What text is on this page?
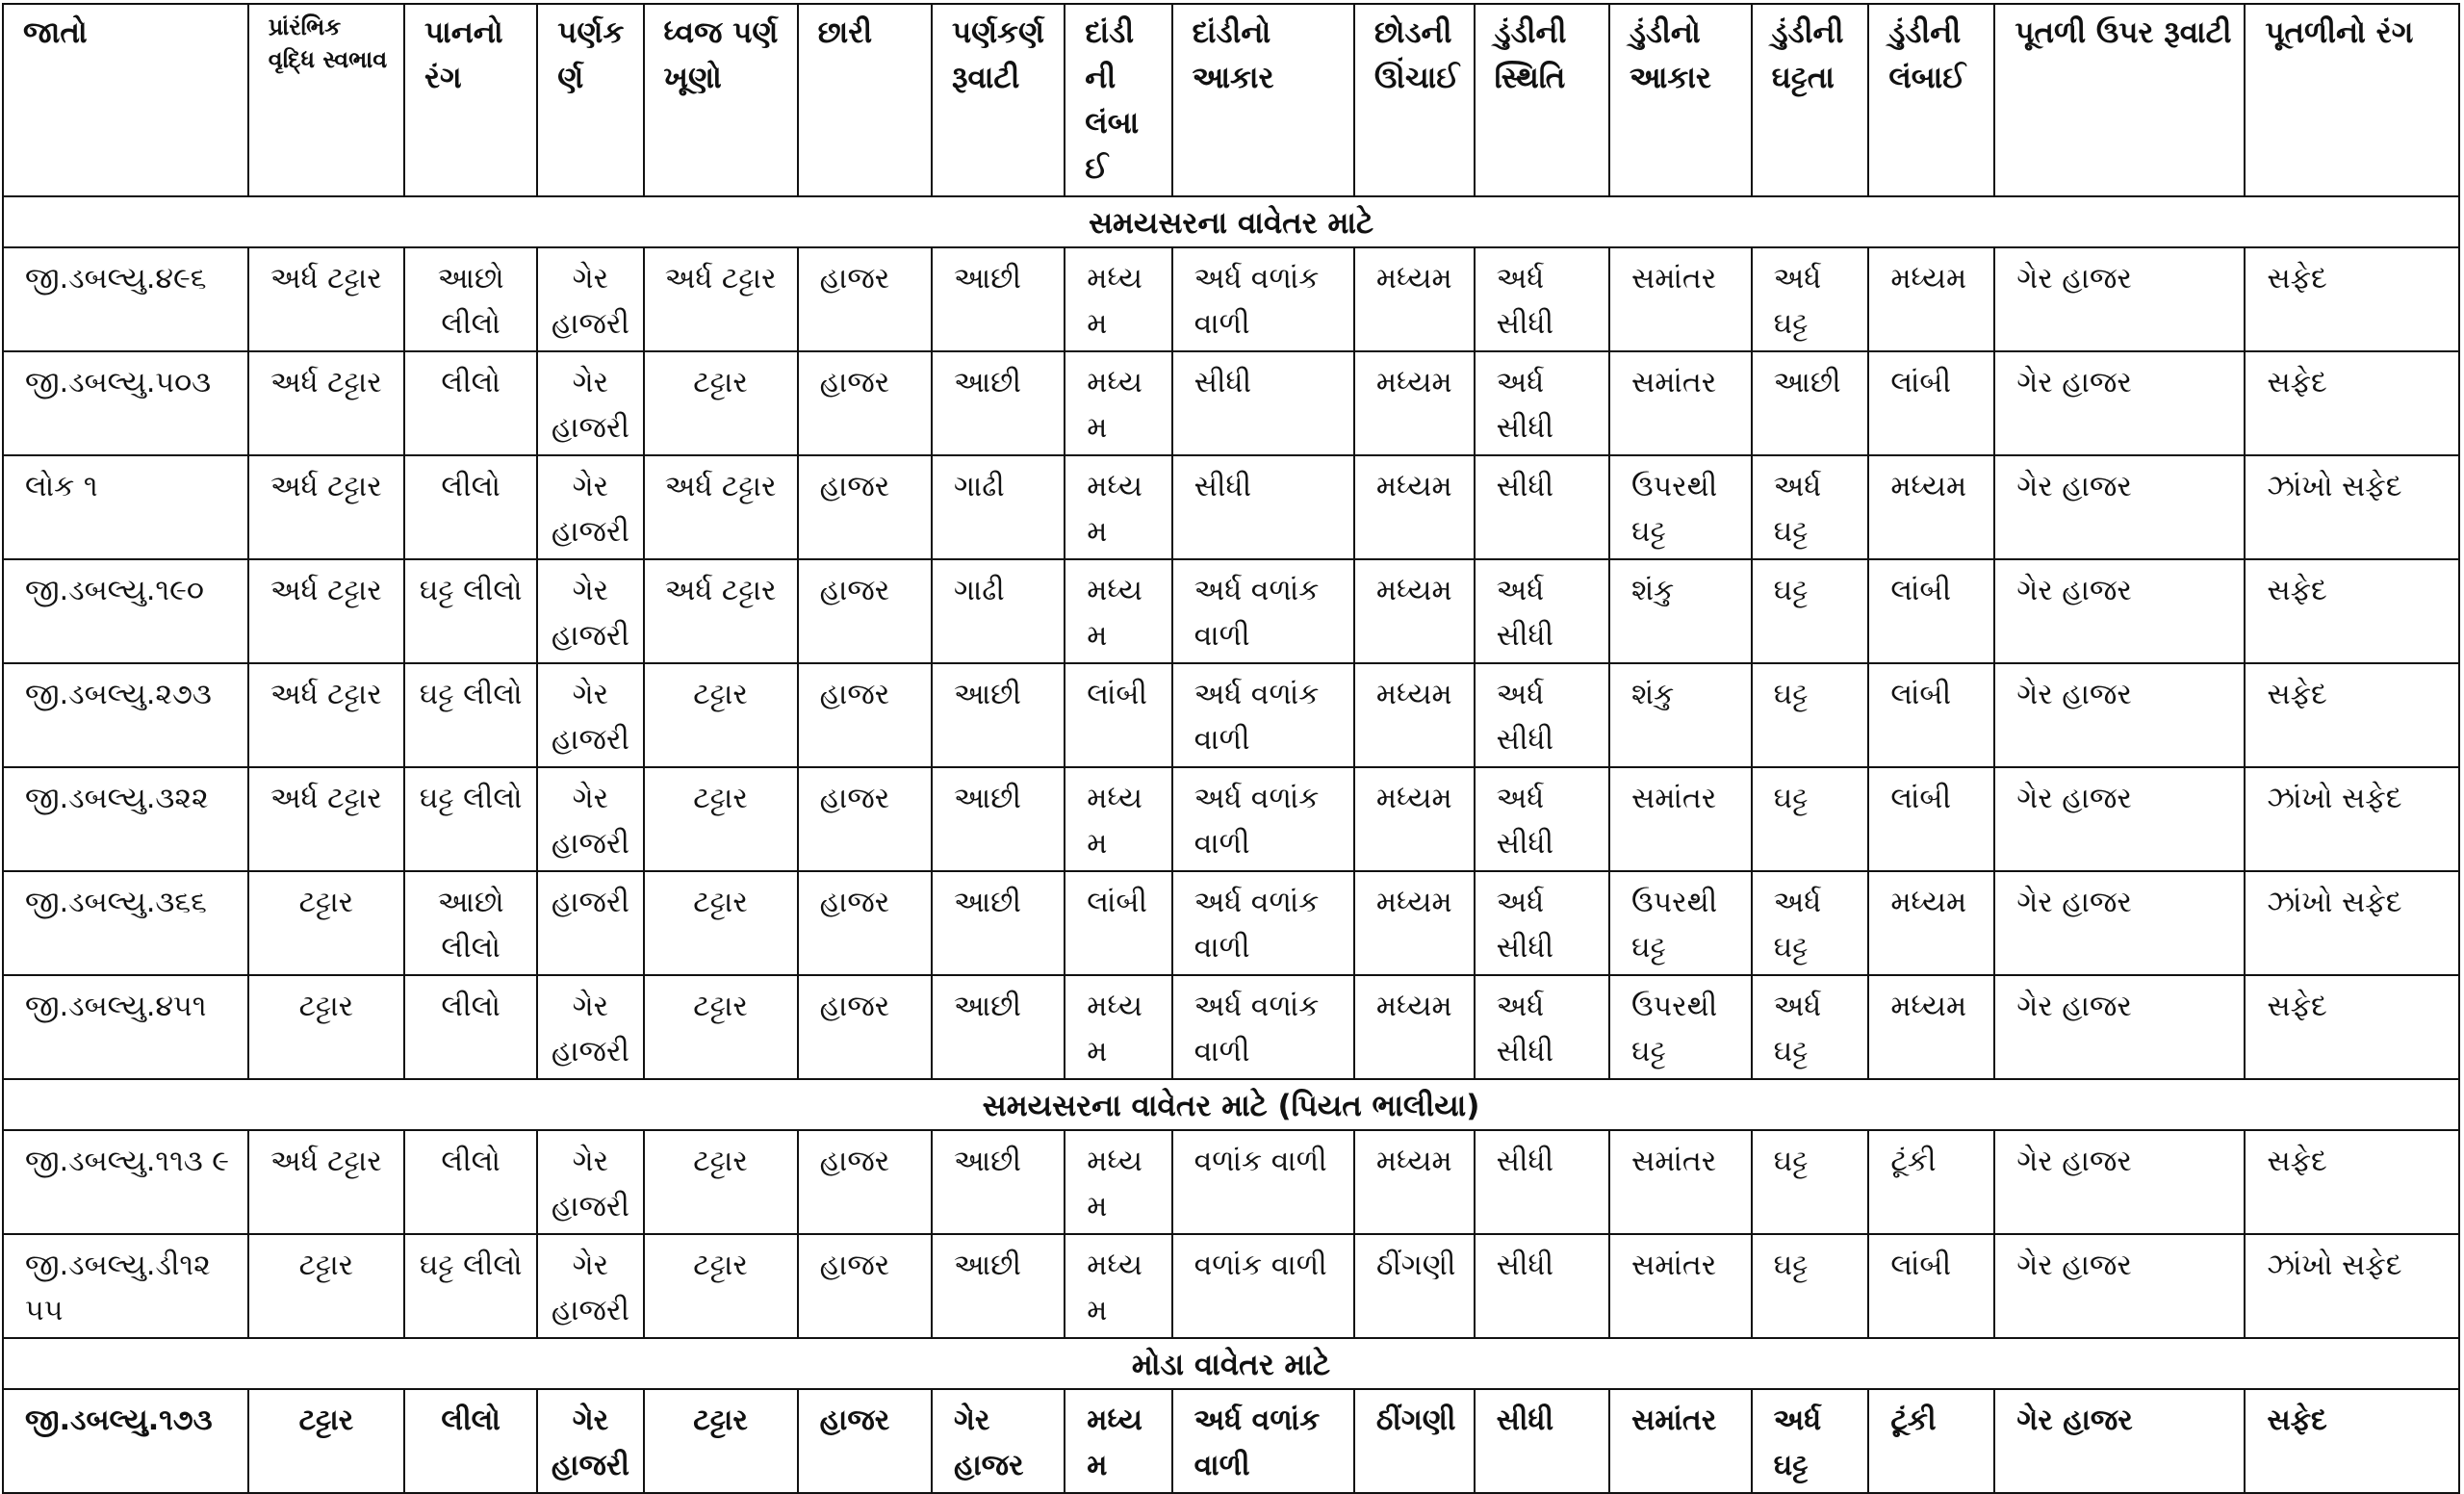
જાતો	પ્રાંરંભિક વૃદ્ધિ સ્વભાવ	પાનનો રંગ	પર્ણકર્ણ	ધ્વજ પર્ણ ખૂણો	છારી	પર્ણકર્ણ રૂવાટી	દાંડીની લંબાઈ	દાંડીનો આકાર	છોડની ઊંચાઈ	ડુંડીની સ્થિતિ	ડુંડીનો આકાર	ડુંડીની ઘટ્ટતા	ડુંડીની લંબાઈ	પૂતળી ઉપર રૂવાટી	પૂતળીનો રંગ
સમયસરના વાવેતર માટે															
જી.ડબલ્યુ.૪૯૬	અર્ધ ટટ્ટાર	આછો લીલો	ગેર હાજરી	અર્ધ ટટ્ટાર	હાજર	આછી	મધ્યમ	અર્ધ વળાંક વાળી	મધ્યમ	અર્ધ સીધી	સમાંતર	અર્ધ ઘટ્ટ	મધ્યમ	ગેર હાજર	સફેદ
જી.ડબલ્યુ.૫૦૩	અર્ધ ટટ્ટાર	લીલો	ગેર હાજરી	ટટ્ટાર	હાજર	આછી	મધ્યમ	સીધી	મધ્યમ	અર્ધ સીધી	સમાંતર	આછી	લાંબી	ગેર હાજર	સફેદ
લોક ૧	અર્ધ ટટ્ટાર	લીલો	ગેર હાજરી	અર્ધ ટટ્ટાર	હાજર	ગાઢી	મધ્યમ	સીધી	મધ્યમ	સીધી	ઉપરથી ઘટ્ટ	અર્ધ ઘટ્ટ	મધ્યમ	ગેર હાજર	ઝાંખો સફેદ
જી.ડબલ્યુ.૧૯૦	અર્ધ ટટ્ટાર	ઘટ્ટ લીલો	ગેર હાજરી	અર્ધ ટટ્ટાર	હાજર	ગાઢી	મધ્યમ	અર્ધ વળાંક વાળી	મધ્યમ	અર્ધ સીધી	શંકુ	ઘટ્ટ	લાંબી	ગેર હાજર	સફેદ
જી.ડબલ્યુ.૨૭૩	અર્ધ ટટ્ટાર	ઘટ્ટ લીલો	ગેર હાજરી	ટટ્ટાર	હાજર	આછી	લાંબી	અર્ધ વળાંક વાળી	મધ્યમ	અર્ધ સીધી	શંકુ	ઘટ્ટ	લાંબી	ગેર હાજર	સફેદ
જી.ડબલ્યુ.૩૨૨	અર્ધ ટટ્ટાર	ઘટ્ટ લીલો	ગેર હાજરી	ટટ્ટાર	હાજર	આછી	મધ્યમ	અર્ધ વળાંક વાળી	મધ્યમ	અર્ધ સીધી	સમાંતર	ઘટ્ટ	લાંબી	ગેર હાજર	ઝાંખો સફેદ
જી.ડબલ્યુ.૩૬૬	ટટ્ટાર	આછો લીલો	હાજરી	ટટ્ટાર	હાજર	આછી	લાંબી	અર્ધ વળાંક વાળી	મધ્યમ	અર્ધ સીધી	ઉપરથી ઘટ્ટ	અર્ધ ઘટ્ટ	મધ્યમ	ગેર હાજર	ઝાંખો સફેદ
જી.ડબલ્યુ.૪૫૧	ટટ્ટાર	લીલો	ગેર હાજરી	ટટ્ટાર	હાજર	આછી	મધ્યમ	અર્ધ વળાંક વાળી	મધ્યમ	અર્ધ સીધી	ઉપરથી ઘટ્ટ	અર્ધ ઘટ્ટ	મધ્યમ	ગેર હાજર	સફેદ
સમયસરના વાવેતર માટે (પિયત ભાલીયા)															
જી.ડબલ્યુ.૧૧૩ ૯	અર્ધ ટટ્ટાર	લીલો	ગેર હાજરી	ટટ્ટાર	હાજર	આછી	મધ્યમ	વળાંક વાળી	મધ્યમ	સીધી	સમાંતર	ઘટ્ટ	ટૂંકી	ગેર હાજર	સફેદ
જી.ડબલ્યુ.ડી૧૨ ૫૫	ટટ્ટાર	ઘટ્ટ લીલો	ગેર હાજરી	ટટ્ટાર	હાજર	આછી	મધ્યમ	વળાંક વાળી	ઠીંગણી	સીધી	સમાંતર	ઘટ્ટ	લાંબી	ગેર હાજર	ઝાંખો સફેદ
મોડા વાવેતર માટે															
જી.ડબલ્યુ.૧૭૩	ટટ્ટાર	લીલો	ગેર હાજરી	ટટ્ટાર	હાજર	ગેર હાજર	મધ્યમ	અર્ધ વળાંક વાળી	ઠીંગણી	સીધી	સમાંતર	અર્ધ ઘટ્ટ	ટૂંકી	ગેર હાજર	સફેદ
